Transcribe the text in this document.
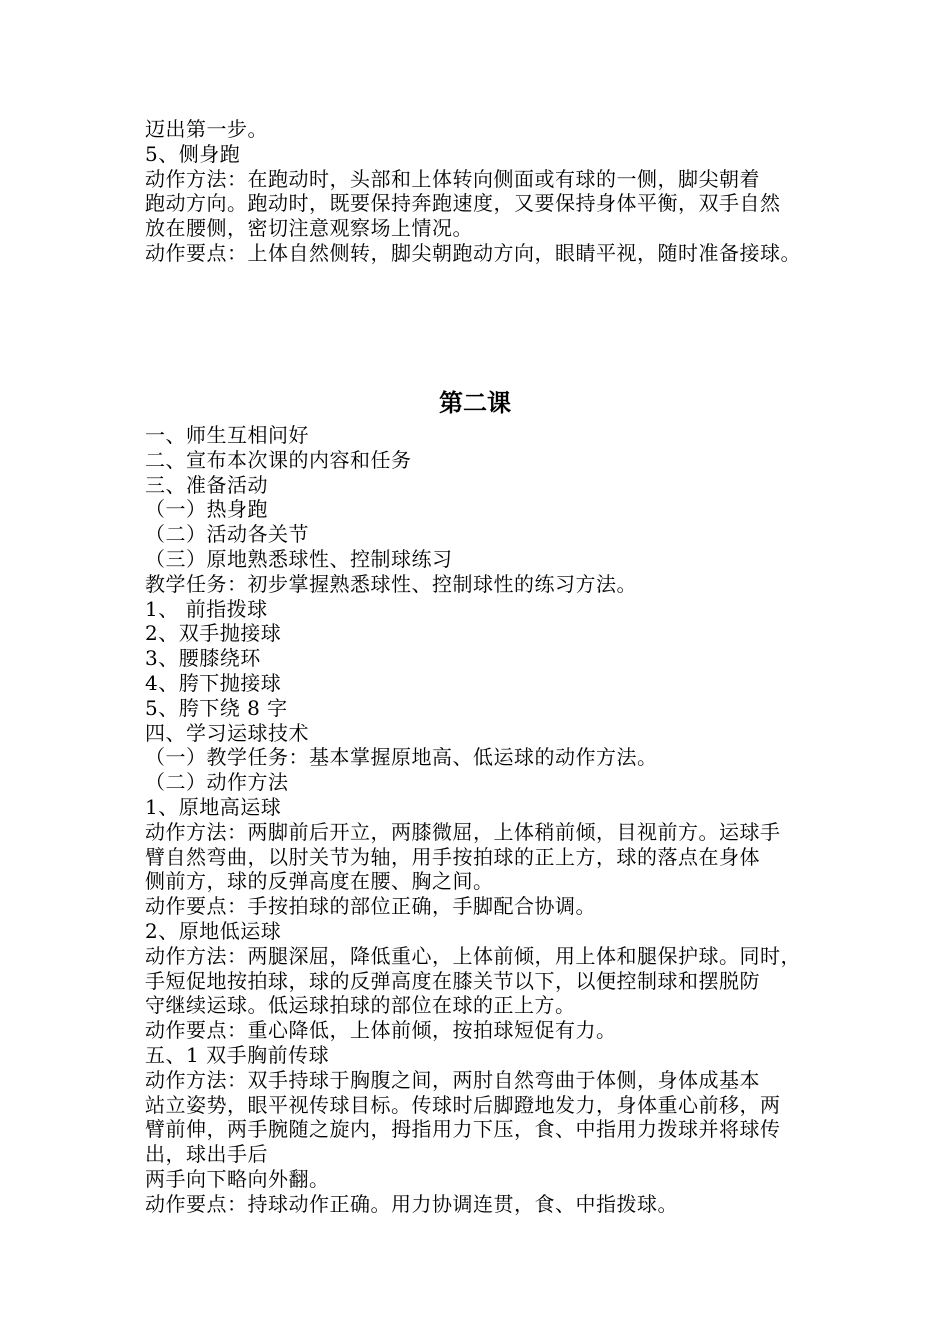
迈出第一步。
5、侧身跑
动作方法：在跑动时，头部和上体转向侧面或有球的一侧，脚尖朝着
跑动方向。跑动时，既要保持奔跑速度，又要保持身体平衡，双手自然
放在腰侧，密切注意观察场上情况。
动作要点：上体自然侧转，脚尖朝跑动方向，眼睛平视，随时准备接球。
第二课
一、师生互相问好
二、宣布本次课的内容和任务
三、准备活动
（一）热身跑
（二）活动各关节
（三）原地熟悉球性、控制球练习
教学任务：初步掌握熟悉球性、控制球性的练习方法。
1、 前指拨球
2、双手抛接球
3、腰膝绕环
4、胯下抛接球
5、胯下绕 8 字
四、学习运球技术
（一）教学任务：基本掌握原地高、低运球的动作方法。
（二）动作方法
1、原地高运球
动作方法：两脚前后开立，两膝微屈，上体稍前倾，目视前方。运球手
臂自然弯曲，以肘关节为轴，用手按拍球的正上方，球的落点在身体
侧前方，球的反弹高度在腰、胸之间。
动作要点：手按拍球的部位正确，手脚配合协调。
2、原地低运球
动作方法：两腿深屈，降低重心，上体前倾，用上体和腿保护球。同时，
手短促地按拍球，球的反弹高度在膝关节以下，以便控制球和摆脱防
守继续运球。低运球拍球的部位在球的正上方。
动作要点：重心降低，上体前倾，按拍球短促有力。
五、1 双手胸前传球
动作方法：双手持球于胸腹之间，两肘自然弯曲于体侧，身体成基本
站立姿势，眼平视传球目标。传球时后脚蹬地发力，身体重心前移，两
臂前伸，两手腕随之旋内，拇指用力下压，食、中指用力拨球并将球传
出，球出手后
两手向下略向外翻。
动作要点：持球动作正确。用力协调连贯，食、中指拨球。
